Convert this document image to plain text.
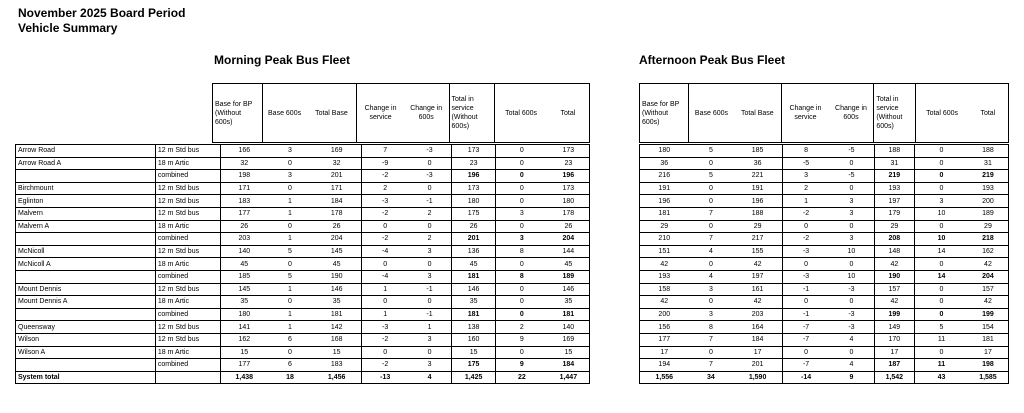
November 2025 Board Period
Vehicle Summary
Morning Peak Bus Fleet	Afternoon Peak Bus Fleet
Base for BP (Without 600s)	Base 600s	Total Base	Change in service	Change in 600s	Total in service (Without 600s)	Total 600s	Total
Base for BP (Without 600s)	Base 600s	Total Base	Change in service	Change in 600s	Total in service (Without 600s)	Total 600s	Total
Arrow Road	12 m Std bus	166	3	169	7	-3	173	0	173
Arrow Road A	18 m Artic	32	0	32	-9	0	23	0	23
	combined	198	3	201	-2	-3	196	0	196
Birchmount	12 m Std bus	171	0	171	2	0	173	0	173
Eglinton	12 m Std bus	183	1	184	-3	-1	180	0	180
Malvern	12 m Std bus	177	1	178	-2	2	175	3	178
Malvern A	18 m Artic	26	0	26	0	0	26	0	26
	combined	203	1	204	-2	2	201	3	204
McNicoll	12 m Std bus	140	5	145	-4	3	136	8	144
McNicoll A	18 m Artic	45	0	45	0	0	45	0	45
	combined	185	5	190	-4	3	181	8	189
Mount Dennis	12 m Std bus	145	1	146	1	-1	146	0	146
Mount Dennis A	18 m Artic	35	0	35	0	0	35	0	35
	combined	180	1	181	1	-1	181	0	181
Queensway	12 m Std bus	141	1	142	-3	1	138	2	140
Wilson	12 m Std bus	162	6	168	-2	3	160	9	169
Wilson A	18 m Artic	15	0	15	0	0	15	0	15
	combined	177	6	183	-2	3	175	9	184
System total		1,438	18	1,456	-13	4	1,425	22	1,447
180	5	185	8	-5	188	0	188
36	0	36	-5	0	31	0	31
216	5	221	3	-5	219	0	219
191	0	191	2	0	193	0	193
196	0	196	1	3	197	3	200
181	7	188	-2	3	179	10	189
29	0	29	0	0	29	0	29
210	7	217	-2	3	208	10	218
151	4	155	-3	10	148	14	162
42	0	42	0	0	42	0	42
193	4	197	-3	10	190	14	204
158	3	161	-1	-3	157	0	157
42	0	42	0	0	42	0	42
200	3	203	-1	-3	199	0	199
156	8	164	-7	-3	149	5	154
177	7	184	-7	4	170	11	181
17	0	17	0	0	17	0	17
194	7	201	-7	4	187	11	198
1,556	34	1,590	-14	9	1,542	43	1,585
